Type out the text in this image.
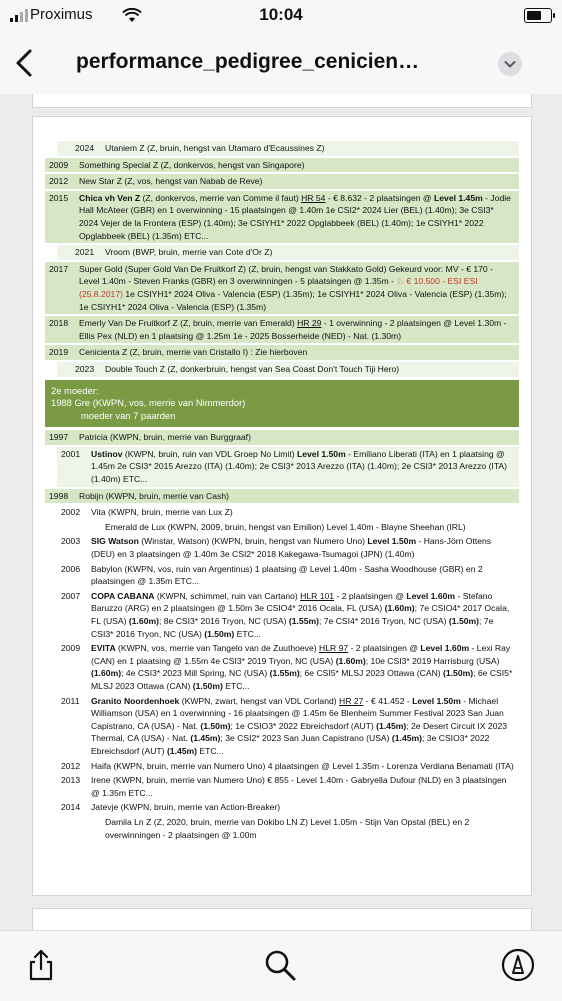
Proximus	10:04
performance_pedigree_cenicien…
2024	Utaniem Z (Z, bruin, hengst van Utamaro d'Ecaussines Z)
2009	Something Special Z (Z, donkervos, hengst van Singapore)
2012	New Star Z (Z, vos, hengst van Nabab de Reve)
2015	Chica vh Ven Z (Z, donkervos, merrie van Comme il faut) HR 54 - € 8.632 - 2 plaatsingen @ Level 1.45m - Jodie Hall McAteer (GBR) en 1 overwinning - 15 plaatsingen @ 1.40m 1e CSI2* 2024 Lier (BEL) (1.40m); 3e CSI3* 2024 Vejer de la Frontera (ESP) (1.40m); 3e CSIYH1* 2022 Opglabbeek (BEL) (1.40m); 1e CSIYH1* 2022 Opglabbeek (BEL) (1.35m) ETC...
2021	Vroom (BWP, bruin, merrie van Cote d'Or Z)
2017	Super Gold (Super Gold Van De Fruitkorf Z) (Z, bruin, hengst van Stakkato Gold) Gekeurd voor: MV - € 170 - Level 1.40m - Steven Franks (GBR) en 3 overwinningen - 5 plaatsingen @ 1.35m - ♘ € 10.500 - ESI ESI (25.8.2017) 1e CSIYH1* 2024 Oliva - Valencia (ESP) (1.35m); 1e CSIYH1* 2024 Oliva - Valencia (ESP) (1.35m); 1e CSIYH1* 2024 Oliva - Valencia (ESP) (1.35m)
2018	Emerly Van De Fruitkorf Z (Z, bruin, merrie van Emerald) HR 29 - 1 overwinning - 2 plaatsingen @ Level 1.30m - Ellis Pex (NLD) en 1 plaatsing @ 1.25m 1e - 2025 Bosserheide (NED) - Nat. (1.30m)
2019	Cenicienta Z (Z, bruin, merrie van Cristallo I) : Zie hierboven
2023	Double Touch Z (Z, donkerbruin, hengst van Sea Coast Don't Touch Tiji Hero)
2e moeder:
1988 Gre (KWPN, vos, merrie van Nimmerdor)
moeder van 7 paarden
1997	Patricia (KWPN, bruin, merrie van Burggraaf)
2001	Ustinov (KWPN, bruin, ruin van VDL Groep No Limit) Level 1.50m - Emiliano Liberati (ITA) en 1 plaatsing @ 1.45m 2e CSI3* 2015 Arezzo (ITA) (1.40m); 2e CSI3* 2013 Arezzo (ITA) (1.40m); 2e CSI3* 2013 Arezzo (ITA) (1.40m) ETC...
1998	Robijn (KWPN, bruin, merrie van Cash)
2002	Vita (KWPN, bruin, merrie van Lux Z)
Emerald de Lux (KWPN, 2009, bruin, hengst van Emilion) Level 1.40m - Blayne Sheehan (IRL)
2003	SIG Watson (Winstar, Watson) (KWPN, bruin, hengst van Numero Uno) Level 1.50m - Hans-Jörn Ottens (DEU) en 3 plaatsingen @ 1.40m 3e CSI2* 2018 Kakegawa-Tsumagoi (JPN) (1.40m)
2006	Babylon (KWPN, vos, ruin van Argentinus) 1 plaatsing @ Level 1.40m - Sasha Woodhouse (GBR) en 2 plaatsingen @ 1.35m ETC...
2007	COPA CABANA (KWPN, schimmel, ruin van Cartano) HLR 101 - 2 plaatsingen @ Level 1.60m - Stefano Baruzzo (ARG) en 2 plaatsingen @ 1.50m 3e CSIO4* 2016 Ocala, FL (USA) (1.60m); 7e CSIO4* 2017 Ocala, FL (USA) (1.60m); 8e CSI3* 2016 Tryon, NC (USA) (1.55m); 7e CSI4* 2016 Tryon, NC (USA) (1.50m); 7e CSI3* 2016 Tryon, NC (USA) (1.50m) ETC...
2009	EVITA (KWPN, vos, merrie van Tangelo van de Zuuthoeve) HLR 97 - 2 plaatsingen @ Level 1.60m - Lexi Ray (CAN) en 1 plaatsing @ 1.55m 4e CSI3* 2019 Tryon, NC (USA) (1.60m); 10e CSI3* 2019 Harrisburg (USA) (1.60m); 4e CSI3* 2023 Mill Spring, NC (USA) (1.55m); 6e CSI5* MLSJ 2023 Ottawa (CAN) (1.50m); 6e CSI5* MLSJ 2023 Ottawa (CAN) (1.50m) ETC...
2011	Granito Noordenhoek (KWPN, zwart, hengst van VDL Corland) HR 27 - € 41.452 - Level 1.50m - Michael Williamson (USA) en 1 overwinning - 16 plaatsingen @ 1.45m 6e Blenheim Summer Festival 2023 San Juan Capistrano, CA (USA) - Nat. (1.50m); 1e CSIO3* 2022 Ebreichsdorf (AUT) (1.45m); 2e Desert Circuit IX 2023 Thermal, CA (USA) - Nat. (1.45m); 3e CSI2* 2023 San Juan Capistrano (USA) (1.45m); 3e CSIO3* 2022 Ebreichsdorf (AUT) (1.45m) ETC...
2012	Haifa (KWPN, bruin, merrie van Numero Uno) 4 plaatsingen @ Level 1.35m - Lorenza Verdiana Benamati (ITA)
2013	Irene (KWPN, bruin, merrie van Numero Uno) € 855 - Level 1.40m - Gabryella Dufour (NLD) en 3 plaatsingen @ 1.35m ETC...
2014	Jatevje (KWPN, bruin, merrie van Action-Breaker)
Damila Ln Z (Z, 2020, bruin, merrie van Dokibo LN Z) Level 1.05m - Stijn Van Opstal (BEL) en 2 overwinningen - 2 plaatsingen @ 1.00m
